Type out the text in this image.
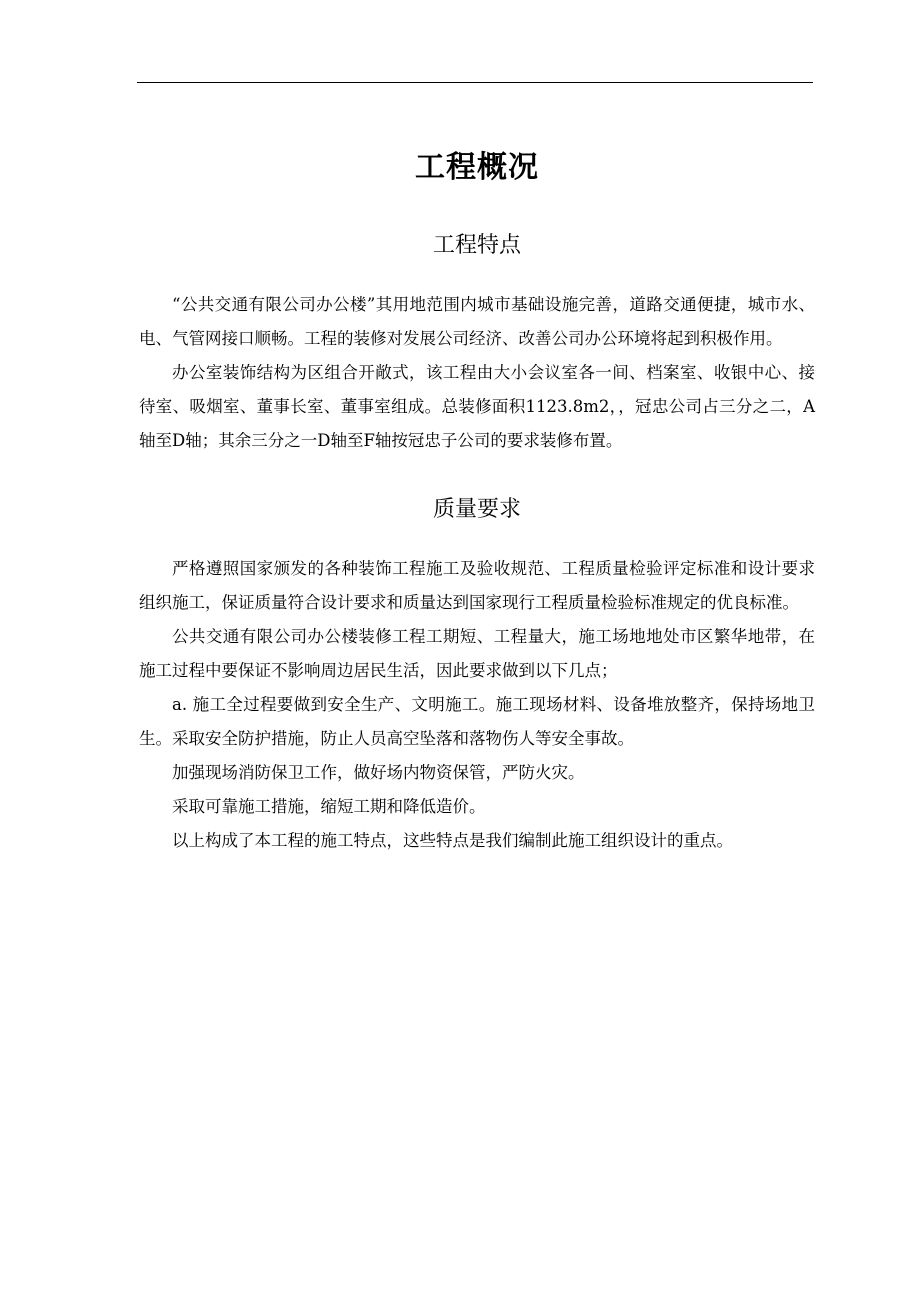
工程概况
工程特点

“公共交通有限公司办公楼”其用地范围内城市基础设施完善，道路交通便捷，城市水、电、气管网接口顺畅。工程的装修对发展公司经济、改善公司办公环境将起到积极作用。

办公室装饰结构为区组合开敞式，该工程由大小会议室各一间、档案室、收银中心、接待室、吸烟室、董事长室、董事室组成。总装修面积1123.8m2，，冠忠公司占三分之二，A轴至D轴；其余三分之一D轴至F轴按冠忠子公司的要求装修布置。

质量要求

严格遵照国家颁发的各种装饰工程施工及验收规范、工程质量检验评定标准和设计要求组织施工，保证质量符合设计要求和质量达到国家现行工程质量检验标准规定的优良标准。

公共交通有限公司办公楼装修工程工期短、工程量大，施工场地地处市区繁华地带，在施工过程中要保证不影响周边居民生活，因此要求做到以下几点；

a. 施工全过程要做到安全生产、文明施工。施工现场材料、设备堆放整齐，保持场地卫生。采取安全防护措施，防止人员高空坠落和落物伤人等安全事故。

加强现场消防保卫工作，做好场内物资保管，严防火灾。

采取可靠施工措施，缩短工期和降低造价。

以上构成了本工程的施工特点，这些特点是我们编制此施工组织设计的重点。
